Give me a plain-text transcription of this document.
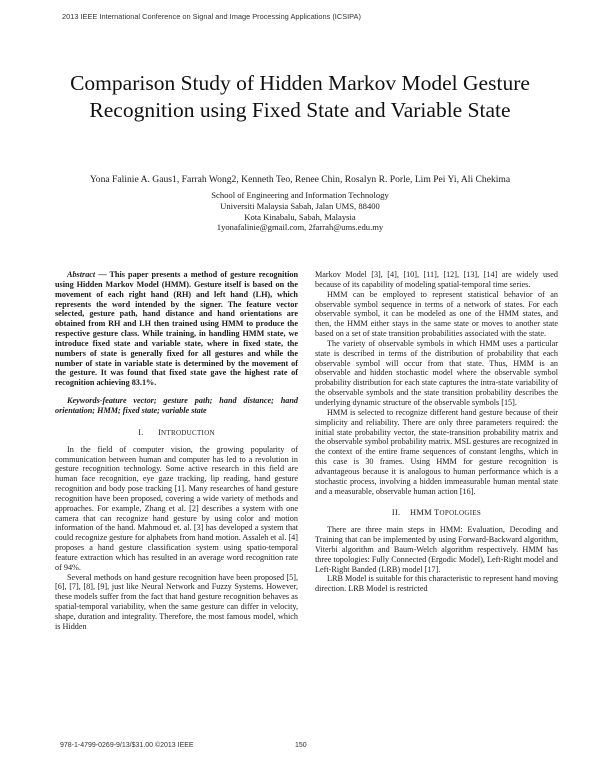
2013 IEEE International Conference on Signal and Image Processing Applications (ICSIPA)
Comparison Study of Hidden Markov Model Gesture Recognition using Fixed State and Variable State
Yona Falinie A. Gaus1, Farrah Wong2, Kenneth Teo, Renee Chin, Rosalyn R. Porle, Lim Pei Yi, Ali Chekima
School of Engineering and Information Technology
Universiti Malaysia Sabah, Jalan UMS, 88400
Kota Kinabalu, Sabah, Malaysia
1yonafalinie@gmail.com, 2farrah@ums.edu.my

Abstract — This paper presents a method of gesture recognition using Hidden Markov Model (HMM). Gesture itself is based on the movement of each right hand (RH) and left hand (LH), which represents the word intended by the signer. The feature vector selected, gesture path, hand distance and hand orientations are obtained from RH and LH then trained using HMM to produce the respective gesture class. While training, in handling HMM state, we introduce fixed state and variable state, where in fixed state, the numbers of state is generally fixed for all gestures and while the number of state in variable state is determined by the movement of the gesture. It was found that fixed state gave the highest rate of recognition achieving 83.1%.

Keywords-feature vector; gesture path; hand distance; hand orientation; HMM; fixed state; variable state

I. INTRODUCTION

In the field of computer vision, the growing popularity of communication between human and computer has led to a revolution in gesture recognition technology. Some active research in this field are human face recognition, eye gaze tracking, lip reading, hand gesture recognition and body pose tracking [1]. Many researches of hand gesture recognition have been proposed, covering a wide variety of methods and approaches. For example, Zhang et al. [2] describes a system with one camera that can recognize hand gesture by using color and motion information of the hand. Mahmoud et. al. [3] has developed a system that could recognize gesture for alphabets from hand motion. Assaleh et al. [4] proposes a hand gesture classification system using spatio-temporal feature extraction which has resulted in an average word recognition rate of 94%.

Several methods on hand gesture recognition have been proposed [5], [6], [7], [8], [9], just like Neural Network and Fuzzy Systems. However, these models suffer from the fact that hand gesture recognition behaves as spatial-temporal variability, when the same gesture can differ in velocity, shape, duration and integrality. Therefore, the most famous model, which is Hidden

Markov Model [3], [4], [10], [11], [12], [13], [14] are widely used because of its capability of modeling spatial-temporal time series.

HMM can be employed to represent statistical behavior of an observable symbol sequence in terms of a network of states. For each observable symbol, it can be modeled as one of the HMM states, and then, the HMM either stays in the same state or moves to another state based on a set of state transition probabilities associated with the state.

The variety of observable symbols in which HMM uses a particular state is described in terms of the distribution of probability that each observable symbol will occur from that state. Thus, HMM is an observable and hidden stochastic model where the observable symbol probability distribution for each state captures the intra-state variability of the observable symbols and the state transition probability describes the underlying dynamic structure of the observable symbols [15].

HMM is selected to recognize different hand gesture because of their simplicity and reliability. There are only three parameters required: the initial state probability vector, the state-transition probability matrix and the observable symbol probability matrix. MSL gestures are recognized in the context of the entire frame sequences of constant lengths, which in this case is 30 frames. Using HMM for gesture recognition is advantageous because it is analogous to human performance which is a stochastic process, involving a hidden immeasurable human mental state and a measurable, observable human action [16].

II. HMM TOPOLOGIES

There are three main steps in HMM: Evaluation, Decoding and Training that can be implemented by using Forward-Backward algorithm, Viterbi algorithm and Baum-Welch algorithm respectively. HMM has three topologies: Fully Connected (Ergodic Model), Left-Right model and Left-Right Banded (LRB) model [17].

LRB Model is suitable for this characteristic to represent hand moving direction. LRB Model is restricted

978-1-4799-0269-9/13/$31.00 ©2013 IEEE	150
